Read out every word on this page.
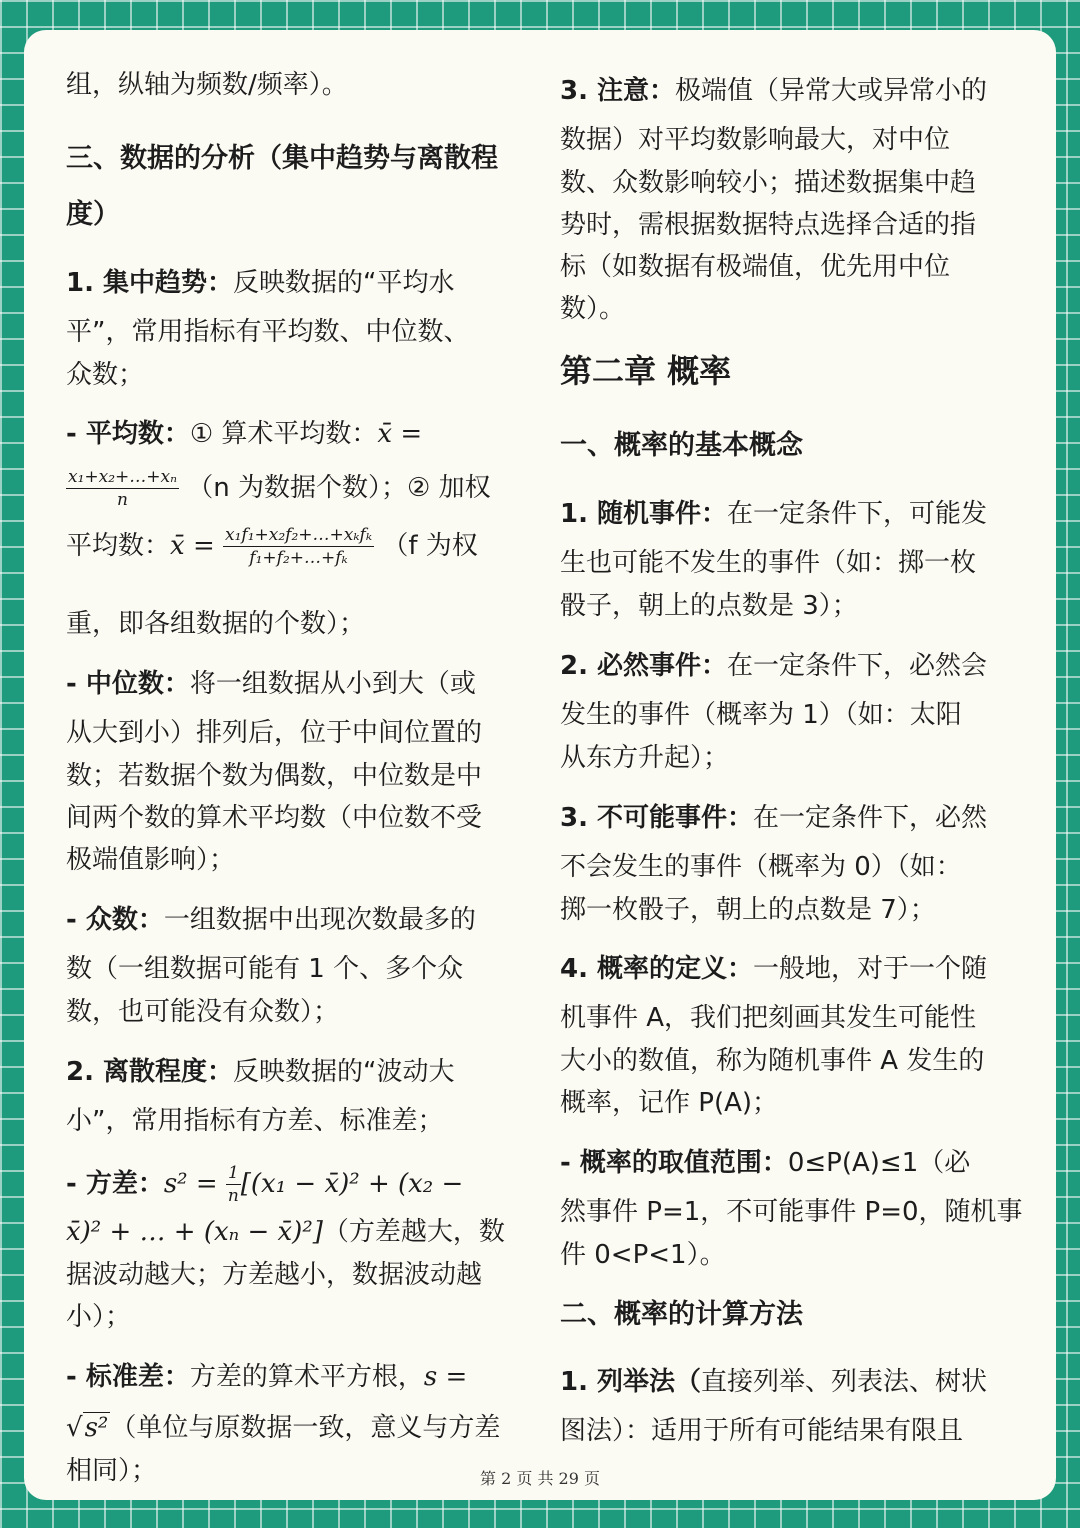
组，纵轴为频数/频率）。
三、数据的分析（集中趋势与离散程
度）
1. 集中趋势：反映数据的“平均水
平”，常用指标有平均数、中位数、
众数；
- 平均数：① 算术平均数：x̄ =
$\frac{\text{x₁+x₂+…+xₙ}}{n} (n$ 为数据个数）；② 加权
平均数：x̄ = $\frac{\text{x₁f₁+x₂f₂+…+xₖfₖ}}{\text{f₁+f₂+…+fₖ}} (f$ 为权
重，即各组数据的个数）；
- 中位数：将一组数据从小到大（或
从大到小）排列后，位于中间位置的
数；若数据个数为偶数，中位数是中
间两个数的算术平均数（中位数不受
极端值影响）；
- 众数：一组数据中出现次数最多的
数（一组数据可能有 1 个、多个众
数，也可能没有众数）；
2. 离散程度：反映数据的“波动大
小”，常用指标有方差、标准差；
- 方差：$s^2 = \frac{1}{n} [(x_1$ − x̄)² + (x₂ −
x̄)² + … + (xₙ − x̄)²]（方差越大，数
据波动越大；方差越小，数据波动越
小）；
- 标准差：方差的算术平方根，s =
√s²（单位与原数据一致，意义与方差
相同）；
3. 注意：极端值（异常大或异常小的
数据）对平均数影响最大，对中位
数、众数影响较小；描述数据集中趋
势时，需根据数据特点选择合适的指
标（如数据有极端值，优先用中位
数）。
第二章 概率
一、概率的基本概念
1. 随机事件：在一定条件下，可能发
生也可能不发生的事件（如：掷一枚
骰子，朝上的点数是 3）；
2. 必然事件：在一定条件下，必然会
发生的事件（概率为 1）（如：太阳
从东方升起）；
3. 不可能事件：在一定条件下，必然
不会发生的事件（概率为 0）（如：
掷一枚骰子，朝上的点数是 7）；
4. 概率的定义：一般地，对于一个随
机事件 A，我们把刻画其发生可能性
大小的数值，称为随机事件 A 发生的
概率，记作 P(A)；
- 概率的取值范围：0≤P(A)≤1（必
然事件 P=1，不可能事件 P=0，随机事
件 0<P<1）。
二、概率的计算方法
1. 列举法（直接列举、列表法、树状
图法）：适用于所有可能结果有限且
第 2 页 共 29 页
